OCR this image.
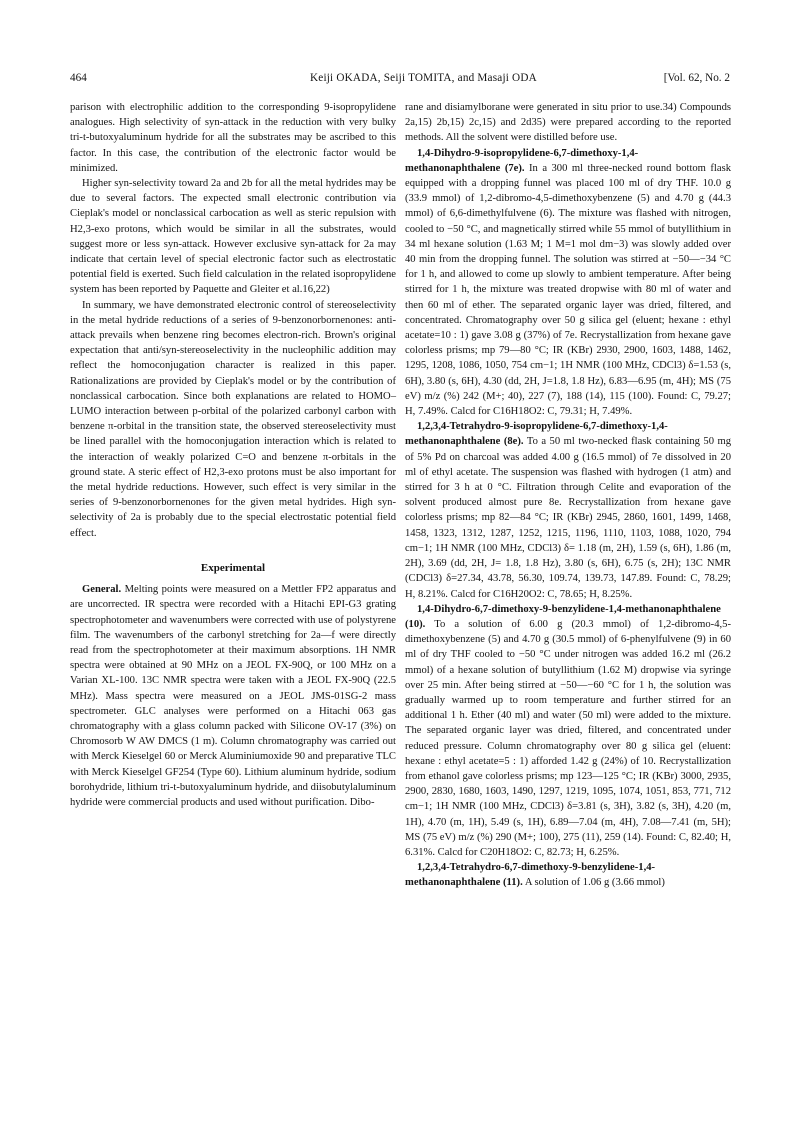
464	Keiji OKADA, Seiji TOMITA, and Masaji ODA	[Vol. 62, No. 2

parison with electrophilic addition to the corresponding 9-isopropylidene analogues. High selectivity of syn-attack in the reduction with very bulky tri-t-butoxyaluminum hydride for all the substrates may be ascribed to this factor. In this case, the contribution of the electronic factor would be minimized.

Higher syn-selectivity toward 2a and 2b for all the metal hydrides may be due to several factors. The expected small electronic contribution via Cieplak's model or nonclassical carbocation as well as steric repulsion with H2,3-exo protons, which would be similar in all the substrates, would suggest more or less syn-attack. However exclusive syn-attack for 2a may indicate that certain level of special electronic factor such as electrostatic potential field is exerted. Such field calculation in the related isopropylidene system has been reported by Paquette and Gleiter et al.16,22)

In summary, we have demonstrated electronic control of stereoselectivity in the metal hydride reductions of a series of 9-benzonorbornenones: anti-attack prevails when benzene ring becomes electron-rich. Brown's original expectation that anti/syn-stereoselectivity in the nucleophilic addition may reflect the homoconjugation character is realized in this paper. Rationalizations are provided by Cieplak's model or by the contribution of nonclassical carbocation. Since both explanations are related to HOMO–LUMO interaction between p-orbital of the polarized carbonyl carbon with benzene π-orbital in the transition state, the observed stereoselectivity must be lined parallel with the homoconjugation interaction which is related to the interaction of weakly polarized C=O and benzene π-orbitals in the ground state. A steric effect of H2,3-exo protons must be also important for the metal hydride reductions. However, such effect is very similar in the series of 9-benzonorbornenones for the given metal hydrides. High syn-selectivity of 2a is probably due to the special electrostatic potential field effect.

Experimental

General. Melting points were measured on a Mettler FP2 apparatus and are uncorrected. IR spectra were recorded with a Hitachi EPI-G3 grating spectrophotometer and wavenumbers were corrected with use of polystyrene film. The wavenumbers of the carbonyl stretching for 2a—f were directly read from the spectrophotometer at their maximum absorptions. 1H NMR spectra were obtained at 90 MHz on a JEOL FX-90Q, or 100 MHz on a Varian XL-100. 13C NMR spectra were taken with a JEOL FX-90Q (22.5 MHz). Mass spectra were measured on a JEOL JMS-01SG-2 mass spectrometer. GLC analyses were performed on a Hitachi 063 gas chromatography with a glass column packed with Silicone OV-17 (3%) on Chromosorb W AW DMCS (1 m). Column chromatography was carried out with Merck Kieselgel 60 or Merck Aluminiumoxide 90 and preparative TLC with Merck Kieselgel GF254 (Type 60). Lithium aluminum hydride, sodium borohydride, lithium tri-t-butoxyaluminum hydride, and diisobutylaluminum hydride were commercial products and used without purification. Dibo-

rane and disiamylborane were generated in situ prior to use.34) Compounds 2a,15) 2b,15) 2c,15) and 2d35) were prepared according to the reported methods. All the solvent were distilled before use.

1,4-Dihydro-9-isopropylidene-6,7-dimethoxy-1,4-methanonaphthalene (7e). In a 300 ml three-necked round bottom flask equipped with a dropping funnel was placed 100 ml of dry THF. 10.0 g (33.9 mmol) of 1,2-dibromo-4,5-dimethoxybenzene (5) and 4.70 g (44.3 mmol) of 6,6-dimethylfulvene (6). The mixture was flashed with nitrogen, cooled to −50 °C, and magnetically stirred while 55 mmol of butyllithium in 34 ml hexane solution (1.63 M; 1 M=1 mol dm−3) was slowly added over 40 min from the dropping funnel. The solution was stirred at −50—−34 °C for 1 h, and allowed to come up slowly to ambient temperature. After being stirred for 1 h, the mixture was treated dropwise with 80 ml of water and then 60 ml of ether. The separated organic layer was dried, filtered, and concentrated. Chromatography over 50 g silica gel (eluent; hexane : ethyl acetate=10 : 1) gave 3.08 g (37%) of 7e. Recrystallization from hexane gave colorless prisms; mp 79—80 °C; IR (KBr) 2930, 2900, 1603, 1488, 1462, 1295, 1208, 1086, 1050, 754 cm−1; 1H NMR (100 MHz, CDCl3) δ=1.53 (s, 6H), 3.80 (s, 6H), 4.30 (dd, 2H, J=1.8, 1.8 Hz), 6.83—6.95 (m, 4H); MS (75 eV) m/z (%) 242 (M+; 40), 227 (7), 188 (14), 115 (100). Found: C, 79.27; H, 7.49%. Calcd for C16H18O2: C, 79.31; H, 7.49%.

1,2,3,4-Tetrahydro-9-isopropylidene-6,7-dimethoxy-1,4-methanonaphthalene (8e). To a 50 ml two-necked flask containing 50 mg of 5% Pd on charcoal was added 4.00 g (16.5 mmol) of 7e dissolved in 20 ml of ethyl acetate. The suspension was flashed with hydrogen (1 atm) and stirred for 3 h at 0 °C. Filtration through Celite and evaporation of the solvent produced almost pure 8e. Recrystallization from hexane gave colorless prisms; mp 82—84 °C; IR (KBr) 2945, 2860, 1601, 1499, 1468, 1458, 1323, 1312, 1287, 1252, 1215, 1196, 1110, 1103, 1088, 1020, 794 cm−1; 1H NMR (100 MHz, CDCl3) δ= 1.18 (m, 2H), 1.59 (s, 6H), 1.86 (m, 2H), 3.69 (dd, 2H, J= 1.8, 1.8 Hz), 3.80 (s, 6H), 6.75 (s, 2H); 13C NMR (CDCl3) δ=27.34, 43.78, 56.30, 109.74, 139.73, 147.89. Found: C, 78.29; H, 8.21%. Calcd for C16H20O2: C, 78.65; H, 8.25%.

1,4-Dihydro-6,7-dimethoxy-9-benzylidene-1,4-methanonaphthalene (10). To a solution of 6.00 g (20.3 mmol) of 1,2-dibromo-4,5-dimethoxybenzene (5) and 4.70 g (30.5 mmol) of 6-phenylfulvene (9) in 60 ml of dry THF cooled to −50 °C under nitrogen was added 16.2 ml (26.2 mmol) of a hexane solution of butyllithium (1.62 M) dropwise via syringe over 25 min. After being stirred at −50—−60 °C for 1 h, the solution was gradually warmed up to room temperature and further stirred for an additional 1 h. Ether (40 ml) and water (50 ml) were added to the mixture. The separated organic layer was dried, filtered, and concentrated under reduced pressure. Column chromatography over 80 g silica gel (eluent: hexane : ethyl acetate=5 : 1) afforded 1.42 g (24%) of 10. Recrystallization from ethanol gave colorless prisms; mp 123—125 °C; IR (KBr) 3000, 2935, 2900, 2830, 1680, 1603, 1490, 1297, 1219, 1095, 1074, 1051, 853, 771, 712 cm−1; 1H NMR (100 MHz, CDCl3) δ=3.81 (s, 3H), 3.82 (s, 3H), 4.20 (m, 1H), 4.70 (m, 1H), 5.49 (s, 1H), 6.89—7.04 (m, 4H), 7.08—7.41 (m, 5H); MS (75 eV) m/z (%) 290 (M+; 100), 275 (11), 259 (14). Found: C, 82.40; H, 6.31%. Calcd for C20H18O2: C, 82.73; H, 6.25%.

1,2,3,4-Tetrahydro-6,7-dimethoxy-9-benzylidene-1,4-methanonaphthalene (11). A solution of 1.06 g (3.66 mmol)
